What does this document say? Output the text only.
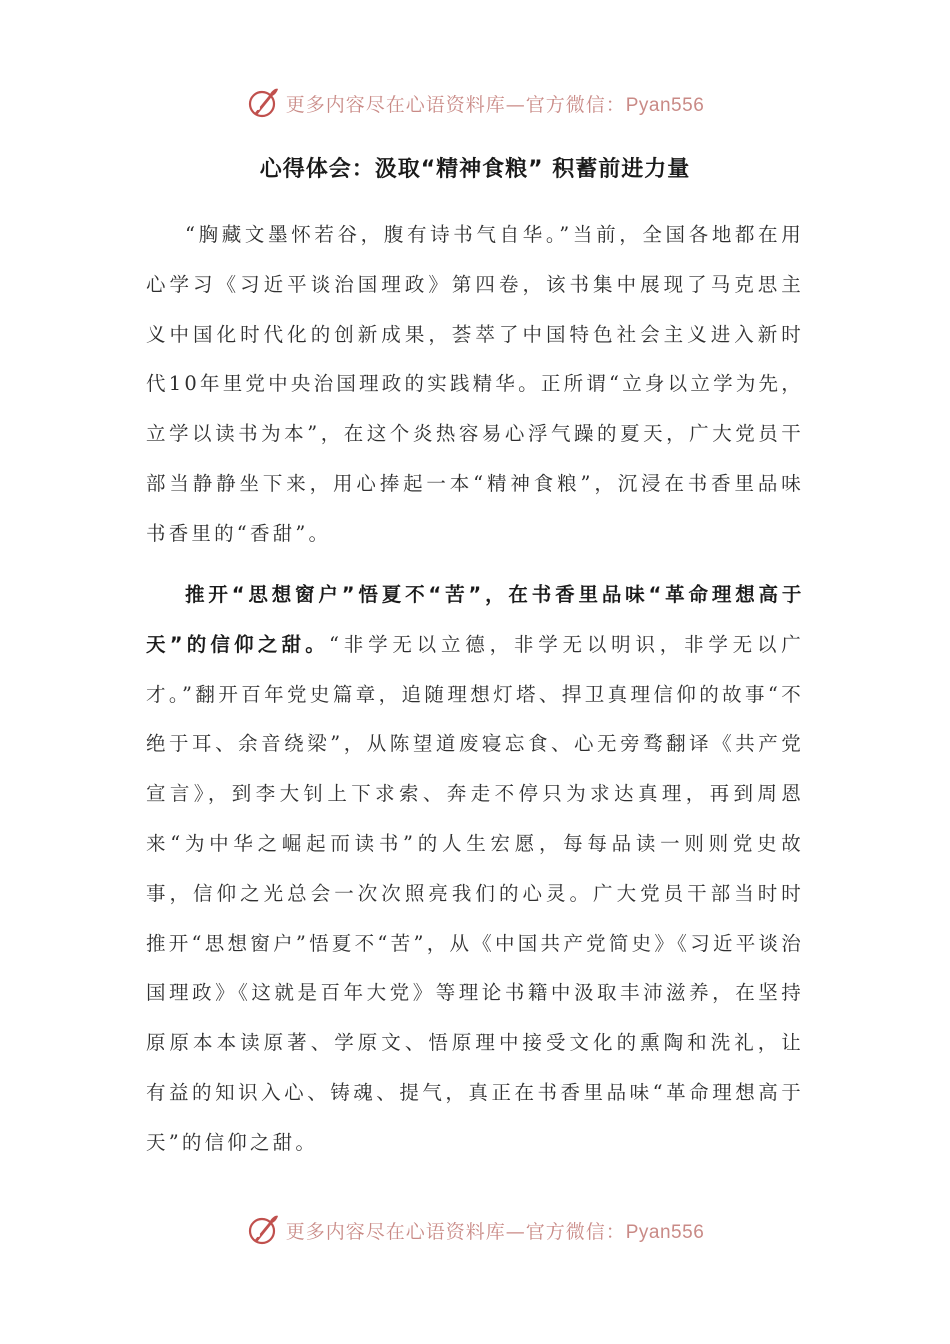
更多内容尽在心语资料库—官方微信：Pyan556
心得体会：汲取“精神食粮” 积蓄前进力量

“胸藏文墨怀若谷，腹有诗书气自华。”当前，全国各地都在用心学习《习近平谈治国理政》第四卷，该书集中展现了马克思主义中国化时代化的创新成果，荟萃了中国特色社会主义进入新时代10年里党中央治国理政的实践精华。正所谓“立身以立学为先，立学以读书为本”，在这个炎热容易心浮气躁的夏天，广大党员干部当静静坐下来，用心捧起一本“精神食粮”，沉浸在书香里品味书香里的“香甜”。

推开“思想窗户”悟夏不“苦”，在书香里品味“革命理想高于天”的信仰之甜。“非学无以立德，非学无以明识，非学无以广才。”翻开百年党史篇章，追随理想灯塔、捍卫真理信仰的故事“不绝于耳、余音绕梁”，从陈望道废寝忘食、心无旁骛翻译《共产党宣言》，到李大钊上下求索、奔走不停只为求达真理，再到周恩来“为中华之崛起而读书”的人生宏愿，每每品读一则则党史故事，信仰之光总会一次次照亮我们的心灵。广大党员干部当时时推开“思想窗户”悟夏不“苦”，从《中国共产党简史》《习近平谈治国理政》《这就是百年大党》等理论书籍中汲取丰沛滋养，在坚持原原本本读原著、学原文、悟原理中接受文化的熏陶和洗礼，让有益的知识入心、铸魂、提气，真正在书香里品味“革命理想高于天”的信仰之甜。

更多内容尽在心语资料库—官方微信：Pyan556
